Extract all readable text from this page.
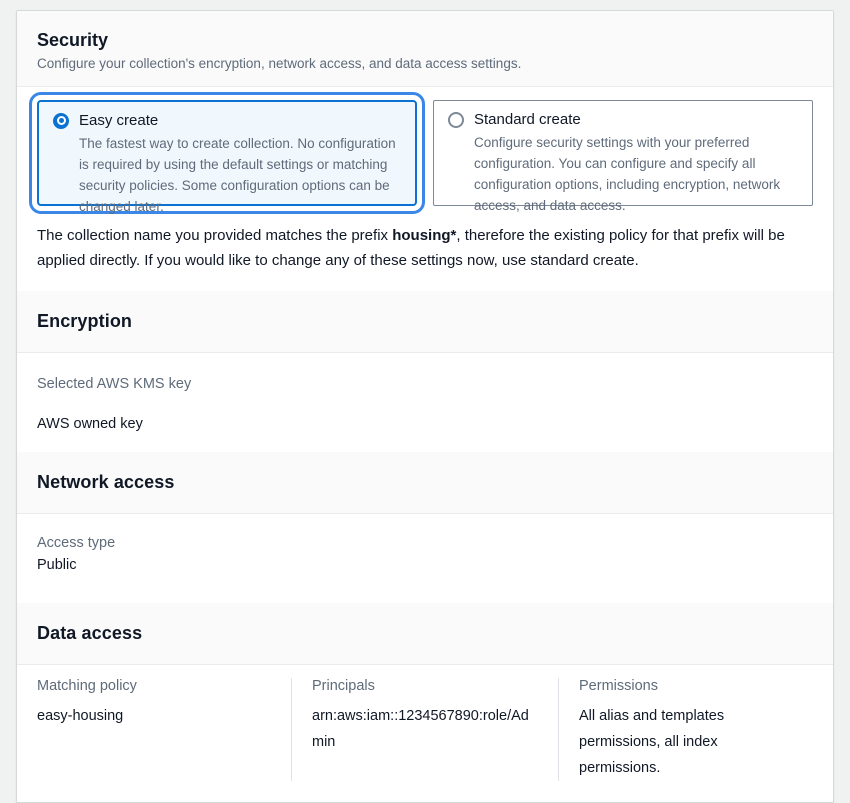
Security
Configure your collection's encryption, network access, and data access settings.
Easy create
The fastest way to create collection. No configuration is required by using the default settings or matching security policies. Some configuration options can be changed later.
Standard create
Configure security settings with your preferred configuration. You can configure and specify all configuration options, including encryption, network access, and data access.

The collection name you provided matches the prefix housing*, therefore the existing policy for that prefix will be applied directly. If you would like to change any of these settings now, use standard create.

Encryption
Selected AWS KMS key
AWS owned key
Network access
Access type
Public
Data access
Matching policy
easy-housing
Principals
arn:aws:iam::1234567890:role/Admin
Permissions
All alias and templates permissions, all index permissions.
